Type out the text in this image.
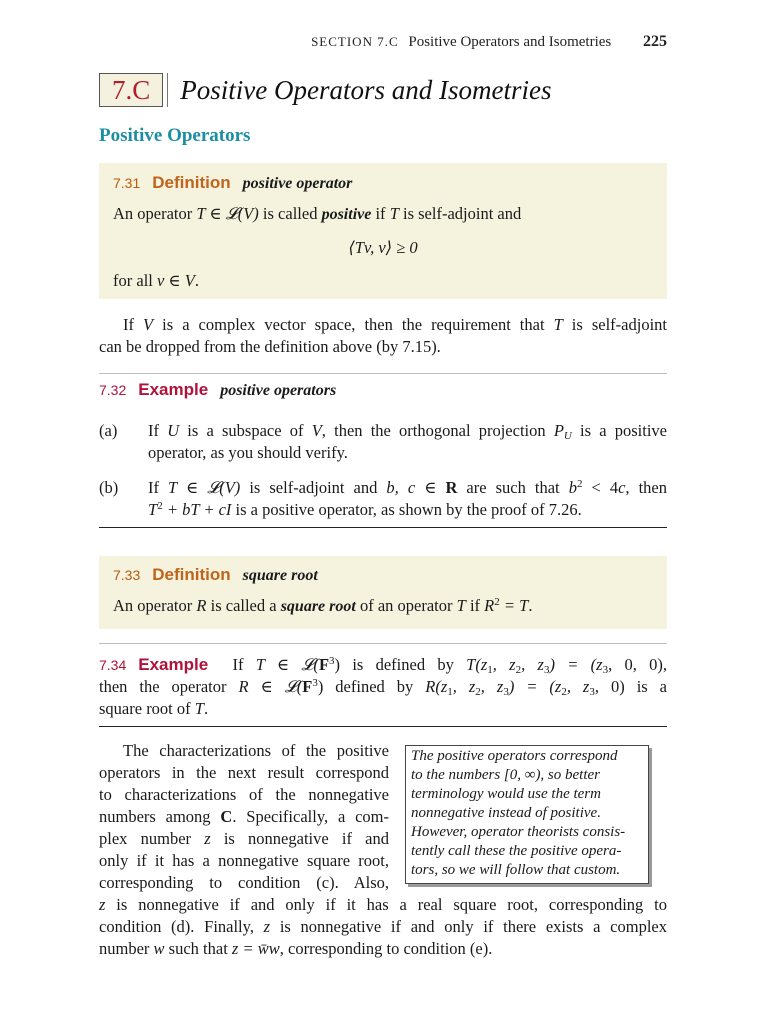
SECTION 7.C Positive Operators and Isometries 225
7.C	Positive Operators and Isometries
Positive Operators
7.31 Definition positive operator
An operator T ∈ 𝓛(V) is called positive if T is self-adjoint and
⟨Tv, v⟩ ≥ 0
for all v ∈ V.
If V is a complex vector space, then the requirement that T is self-adjoint
can be dropped from the definition above (by 7.15).
7.32 Example positive operators
(a) If U is a subspace of V, then the orthogonal projection $P_U$ is a positive
operator, as you should verify.
(b) If T ∈ 𝓛(V) is self-adjoint and b, c ∈ R are such that $b^2 < 4c$, then
$T^2$ + bT + cI is a positive operator, as shown by the proof of 7.26.
7.33 Definition square root
An operator R is called a square root of an operator T if $R^2 = T$.
7.34 Example If T ∈ $𝓛(F^3)$ is defined by $T(z_1$, $z_2$, $z_3) = (z_3$, 0, 0),
then the operator R ∈ $𝓛(F^3)$ defined by $R(z_1$, $z_2$, $z_3) = (z_2$, $z_3$, 0) is a
square root of T.
The characterizations of the positive
operators in the next result correspond
to characterizations of the nonnegative
numbers among C. Specifically, a com-
plex number z is nonnegative if and
only if it has a nonnegative square root,
corresponding to condition (c). Also,
z is nonnegative if and only if it has a real square root, corresponding to
condition (d). Finally, z is nonnegative if and only if there exists a complex
number w such that z = w̄w, corresponding to condition (e).
The positive operators correspond
to the numbers [0, ∞), so better
terminology would use the term
nonnegative instead of positive.
However, operator theorists consis-
tently call these the positive opera-
tors, so we will follow that custom.
